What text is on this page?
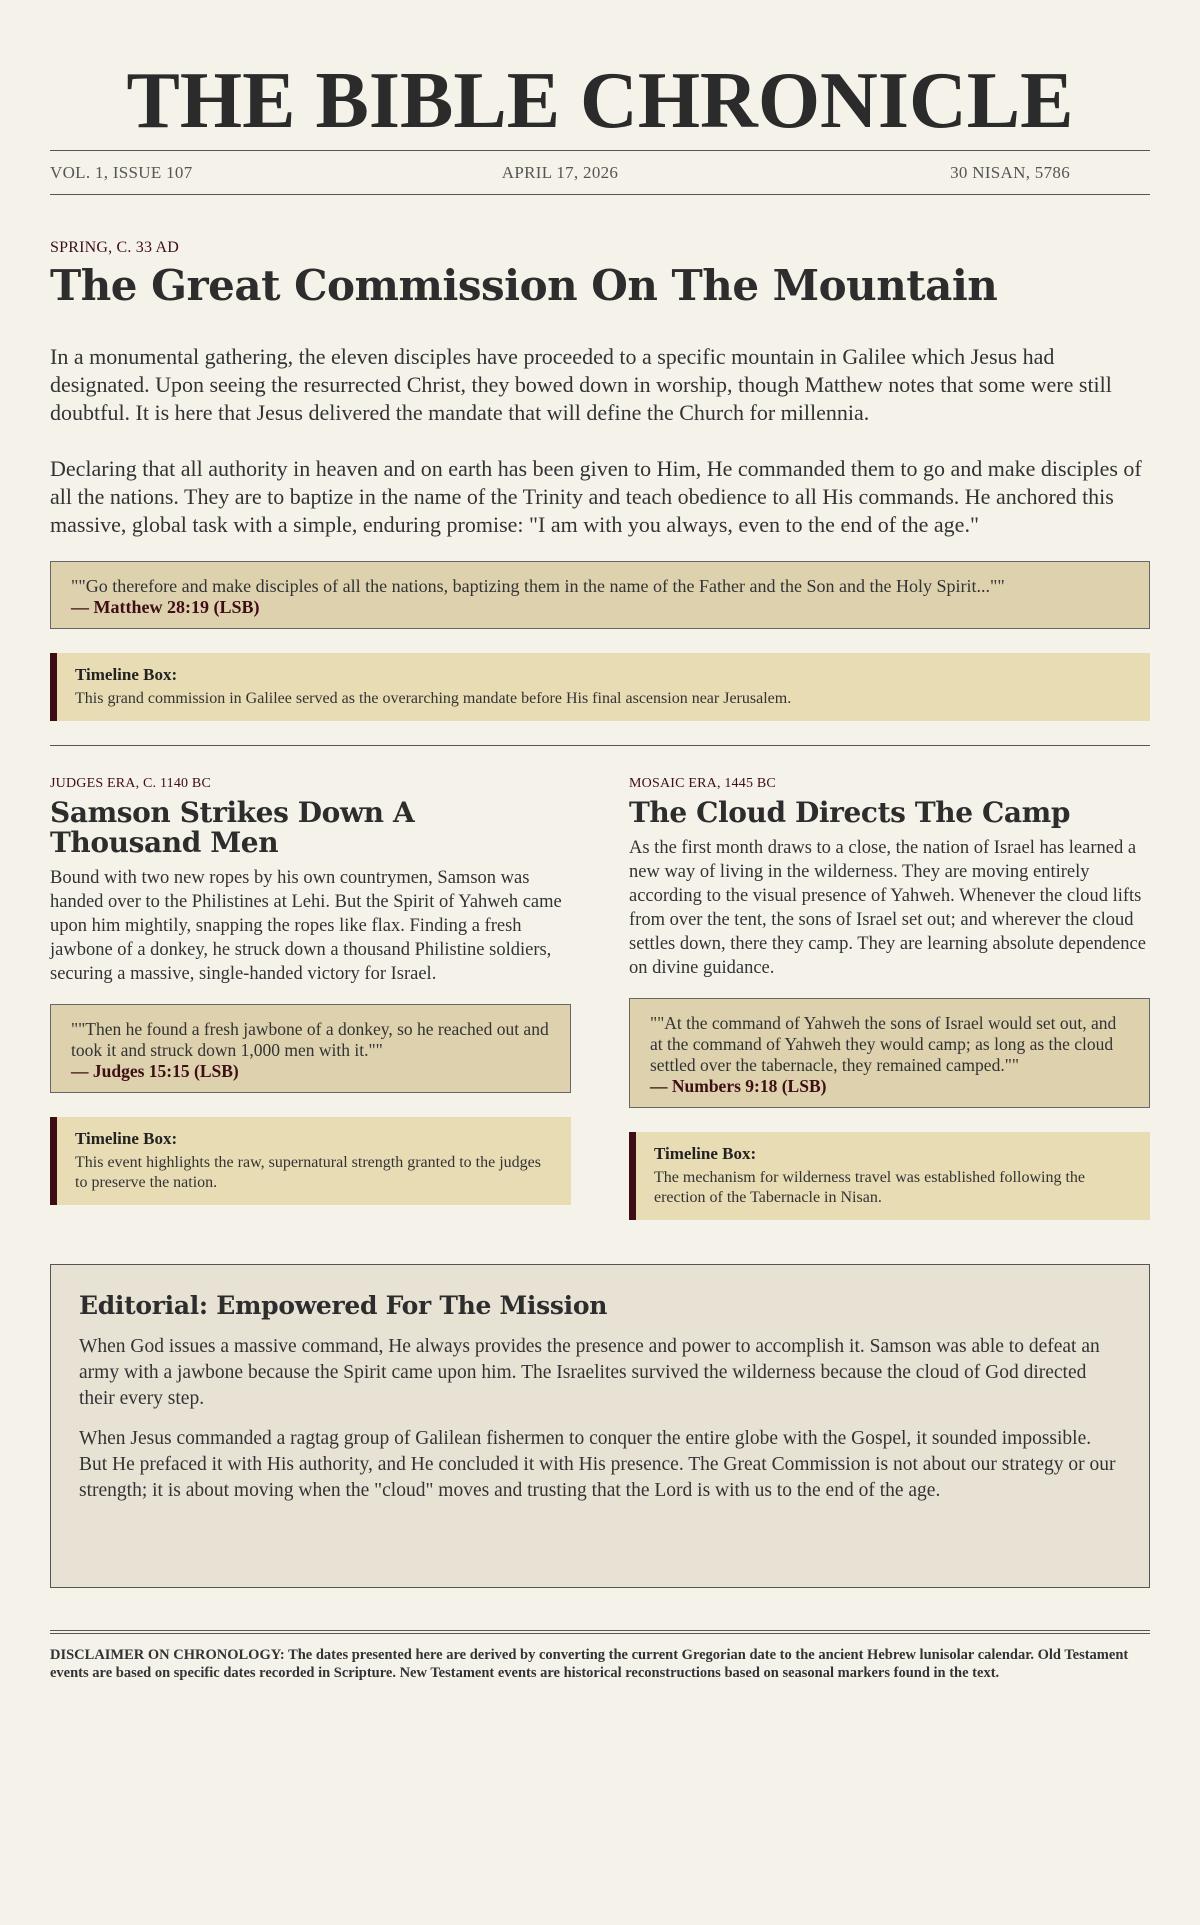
THE BIBLE CHRONICLE
VOL. 1, ISSUE 107	APRIL 17, 2026	30 NISAN, 5786
SPRING, C. 33 AD
The Great Commission On The Mountain

In a monumental gathering, the eleven disciples have proceeded to a specific mountain in Galilee which Jesus had designated. Upon seeing the resurrected Christ, they bowed down in worship, though Matthew notes that some were still doubtful. It is here that Jesus delivered the mandate that will define the Church for millennia.

Declaring that all authority in heaven and on earth has been given to Him, He commanded them to go and make disciples of all the nations. They are to baptize in the name of the Trinity and teach obedience to all His commands. He anchored this massive, global task with a simple, enduring promise: "I am with you always, even to the end of the age."

""Go therefore and make disciples of all the nations, baptizing them in the name of the Father and the Son and the Holy Spirit...""
— Matthew 28:19 (LSB)
Timeline Box:
This grand commission in Galilee served as the overarching mandate before His final ascension near Jerusalem.
JUDGES ERA, C. 1140 BC
Samson Strikes Down A Thousand Men

Bound with two new ropes by his own countrymen, Samson was handed over to the Philistines at Lehi. But the Spirit of Yahweh came upon him mightily, snapping the ropes like flax. Finding a fresh jawbone of a donkey, he struck down a thousand Philistine soldiers, securing a massive, single-handed victory for Israel.

""Then he found a fresh jawbone of a donkey, so he reached out and took it and struck down 1,000 men with it.""
— Judges 15:15 (LSB)
Timeline Box:
This event highlights the raw, supernatural strength granted to the judges to preserve the nation.
MOSAIC ERA, 1445 BC
The Cloud Directs The Camp

As the first month draws to a close, the nation of Israel has learned a new way of living in the wilderness. They are moving entirely according to the visual presence of Yahweh. Whenever the cloud lifts from over the tent, the sons of Israel set out; and wherever the cloud settles down, there they camp. They are learning absolute dependence on divine guidance.

""At the command of Yahweh the sons of Israel would set out, and at the command of Yahweh they would camp; as long as the cloud settled over the tabernacle, they remained camped.""
— Numbers 9:18 (LSB)
Timeline Box:
The mechanism for wilderness travel was established following the erection of the Tabernacle in Nisan.
Editorial: Empowered For The Mission

When God issues a massive command, He always provides the presence and power to accomplish it. Samson was able to defeat an army with a jawbone because the Spirit came upon him. The Israelites survived the wilderness because the cloud of God directed their every step.

When Jesus commanded a ragtag group of Galilean fishermen to conquer the entire globe with the Gospel, it sounded impossible. But He prefaced it with His authority, and He concluded it with His presence. The Great Commission is not about our strategy or our strength; it is about moving when the "cloud" moves and trusting that the Lord is with us to the end of the age.

DISCLAIMER ON CHRONOLOGY: The dates presented here are derived by converting the current Gregorian date to the ancient Hebrew lunisolar calendar. Old Testament events are based on specific dates recorded in Scripture. New Testament events are historical reconstructions based on seasonal markers found in the text.
